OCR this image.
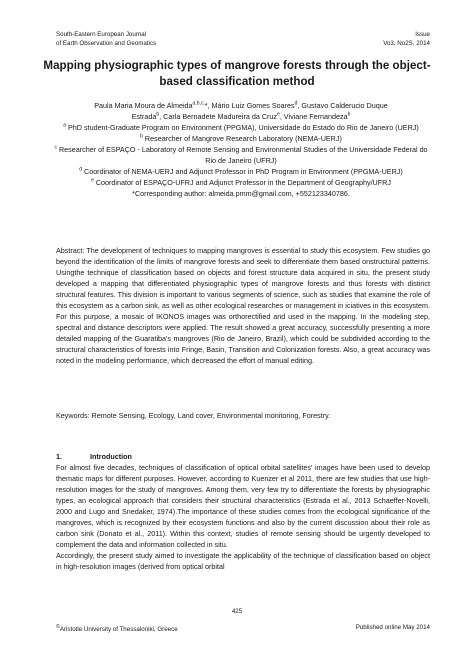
South-Eastern European Journal
of Earth Observation and Geomatics
Issue
Vo3, No2S, 2014
Mapping physiographic types of mangrove forests through the object-based classification method

Paula Maria Moura de Almeida$^{a,b,c,}$*, Mário Luiz Gomes Soares$^d$, Gustavo Calderucio Duque

Estrada$^b$, Carla Bernadete Madureira da Cruz$^e$, Viviane Fernandeza$^b$

$^a$ PhD student-Graduate Program on Environment (PPGMA), Universidade do Estado do Rio de Janeiro (UERJ)

$^b$ Researcher of Mangrove Research Laboratory (NEMA-UERJ)

$^c$ Researcher of ESPAÇO - Laboratory of Remote Sensing and Environmental Studies of the Universidade Federal do Rio de Janeiro (UFRJ)

$^d$ Coordinator of NEMA-UERJ and Adjunct Professor in PhD Program in Environment (PPGMA-UERJ)

$^e$ Coordinator of ESPAÇO-UFRJ and Adjunct Professor in the Department of Geography/UFRJ

*Corresponding author: almeida.pmm@gmail.com, +552123340786.

Abstract: The development of techniques to mapping mangroves is essential to study this ecosystem. Few studies go beyond the identification of the limits of mangrove forests and seek to differentiate them based onstructural patterns. Usingthe technique of classification based on objects and forest structure data acquired in situ, the present study developed a mapping that differentiated physiographic types of mangrove forests and thus forests with distinct structural features. This division is important to various segments of science, such as studies that examine the role of this ecosystem as a carbon sink, as well as other ecological researches or management in iciatives in this ecosystem. For this purpose, a mosaic of IKONOS images was orthorectified and used in the mapping. In the modeling step, spectral and distance descriptors were applied. The result showed a great accuracy, successfully presenting a more detailed mapping of the Guaratiba's mangroves (Rio de Janeiro, Brazil), which could be subdivided according to the structural characteristics of forests into Fringe, Basin, Transition and Colonization forests. Also, a great accuracy was noted in the modeling performance, which decreased the effort of manual editing.

Keywords: Remote Sensing, Ecology, Land cover, Environmental monitoring, Forestry.

1.	Introduction

For almost five decades, techniques of classification of optical orbital satellites' images have been used to develop thematic maps for different purposes. However, according to Kuenzer et al 2011, there are few studies that use high-resolution images for the study of mangroves. Among them, very few try to differentiate the forests by physiographic types, an ecological approach that considers their structural characteristics (Estrada et al., 2013 Schaeffer-Novelli, 2000 and Lugo and Snedaker, 1974).The importance of these studies comes from the ecological significance of the mangroves, which is recognized by their ecosystem functions and also by the current discussion about their role as carbon sink (Donato et al., 2011). Within this context, studies of remote sensing should be urgently developed to complement the data and information collected in situ.

Accordingly, the present study aimed to investigate the applicability of the technique of classification based on object in high-resolution images (derived from optical orbital

425
©Aristotle University of Thessaloniki, Greece	Published online May 2014
